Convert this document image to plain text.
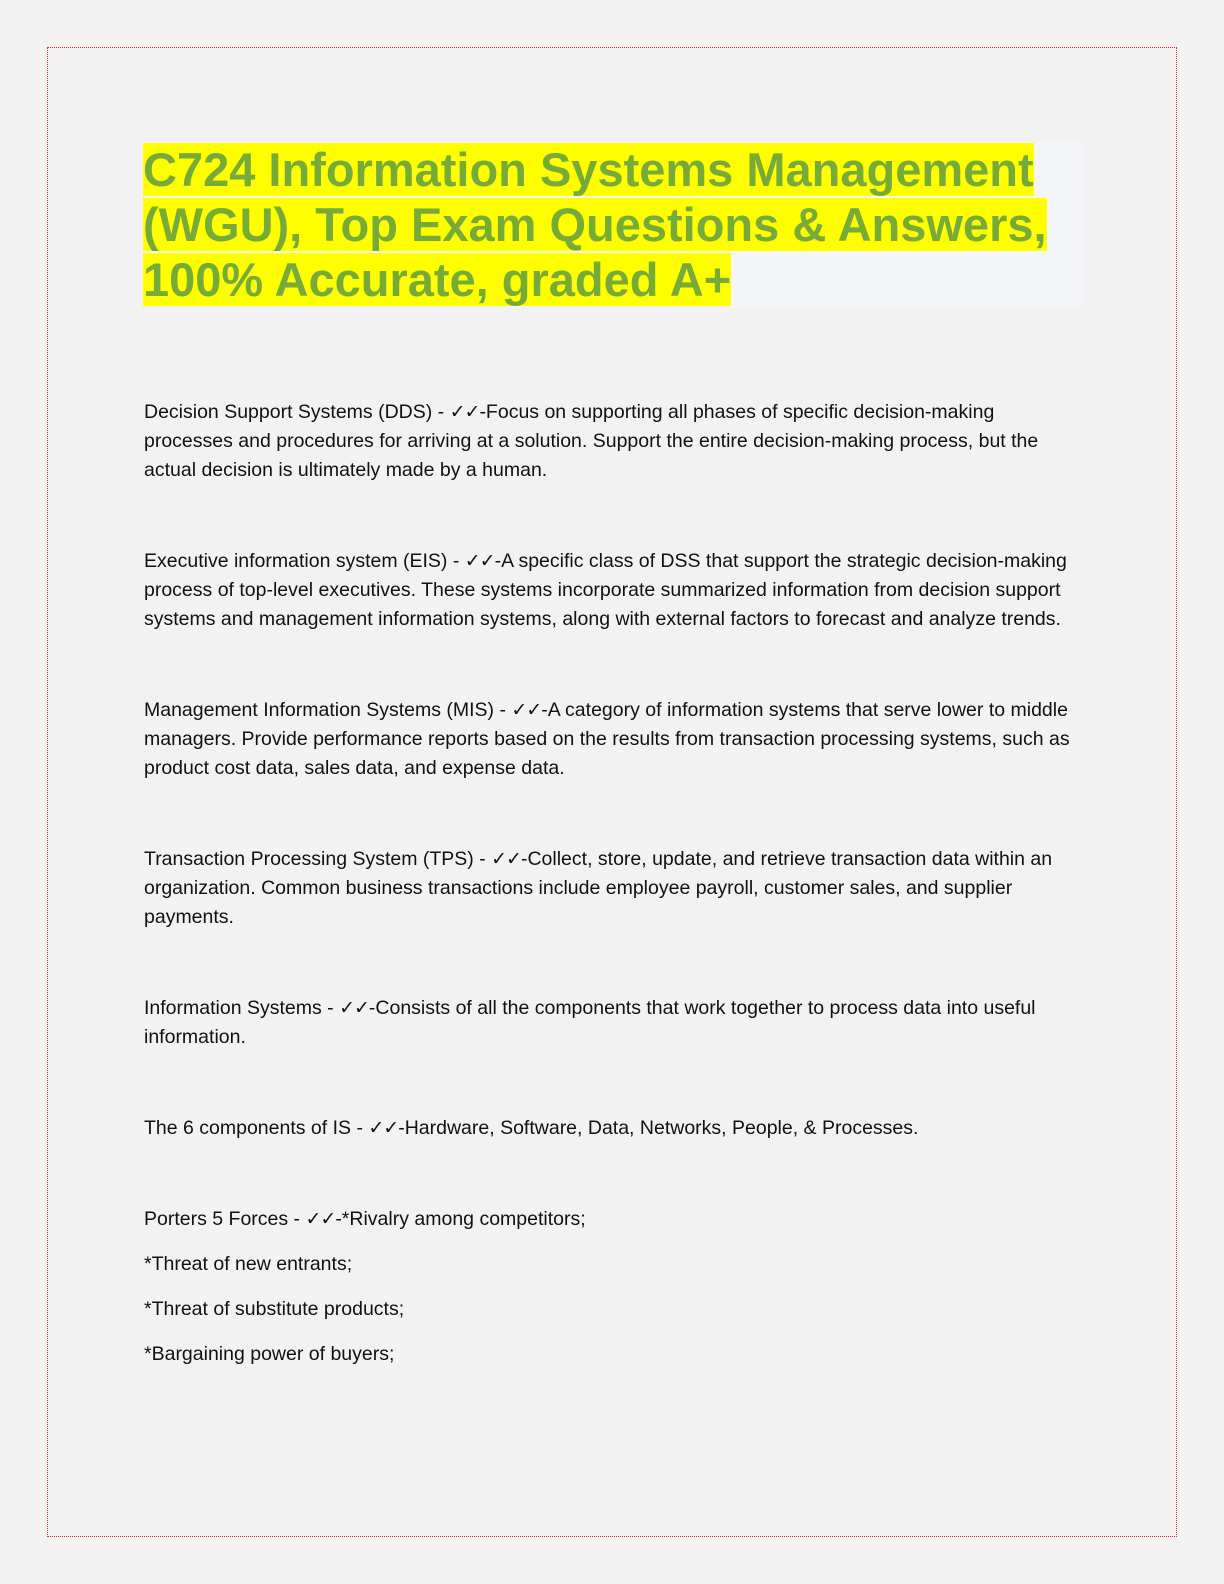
C724 Information Systems Management (WGU), Top Exam Questions & Answers, 100% Accurate, graded A+

Decision Support Systems (DDS) - ✓✓-Focus on supporting all phases of specific decision-making processes and procedures for arriving at a solution. Support the entire decision-making process, but the actual decision is ultimately made by a human.

Executive information system (EIS) - ✓✓-A specific class of DSS that support the strategic decision-making process of top-level executives. These systems incorporate summarized information from decision support systems and management information systems, along with external factors to forecast and analyze trends.

Management Information Systems (MIS) - ✓✓-A category of information systems that serve lower to middle managers. Provide performance reports based on the results from transaction processing systems, such as product cost data, sales data, and expense data.

Transaction Processing System (TPS) - ✓✓-Collect, store, update, and retrieve transaction data within an organization. Common business transactions include employee payroll, customer sales, and supplier payments.

Information Systems - ✓✓-Consists of all the components that work together to process data into useful information.

The 6 components of IS - ✓✓-Hardware, Software, Data, Networks, People, & Processes.

Porters 5 Forces - ✓✓-*Rivalry among competitors;

*Threat of new entrants;

*Threat of substitute products;

*Bargaining power of buyers;
